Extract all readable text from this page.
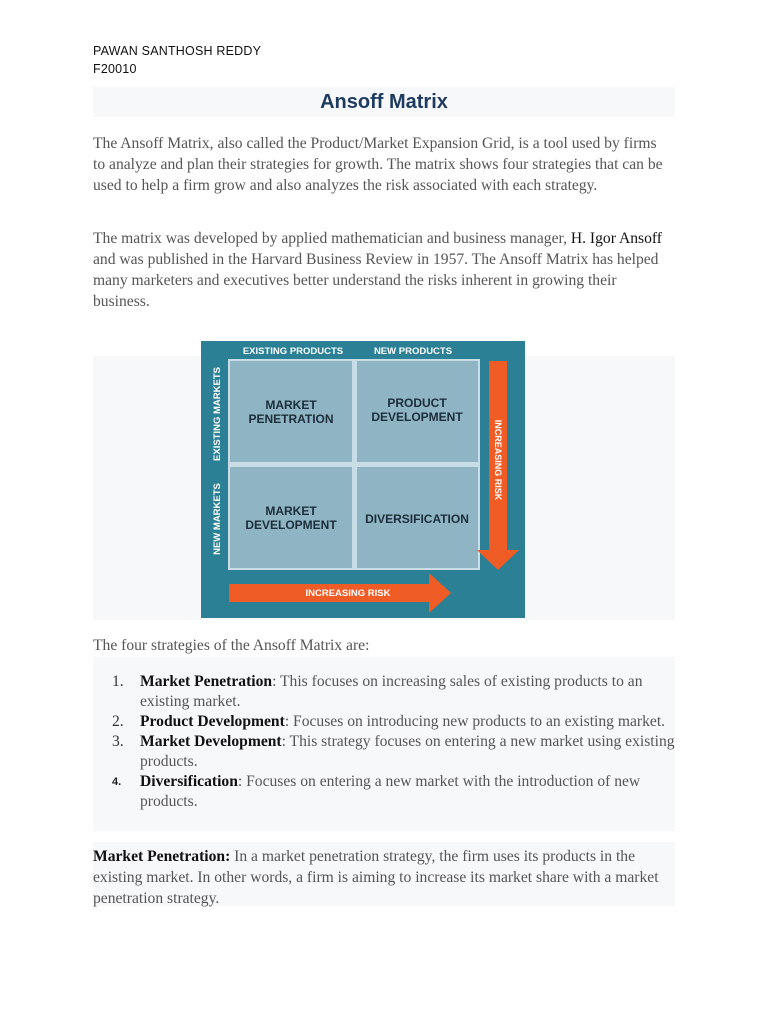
PAWAN SANTHOSH REDDY
F20010
Ansoff Matrix

The Ansoff Matrix, also called the Product/Market Expansion Grid, is a tool used by firms to analyze and plan their strategies for growth. The matrix shows four strategies that can be used to help a firm grow and also analyzes the risk associated with each strategy.

The matrix was developed by applied mathematician and business manager, H. Igor Ansoff and was published in the Harvard Business Review in 1957. The Ansoff Matrix has helped many marketers and executives better understand the risks inherent in growing their business.

EXISTING PRODUCTS	NEW PRODUCTS
EXISTING MARKETS
NEW MARKETS
MARKET
PENETRATION
PRODUCT
DEVELOPMENT
MARKET
DEVELOPMENT DIVERSIFICATION
INCREASING RISK
INCREASING RISK
The four strategies of the Ansoff Matrix are:
1. Market Penetration: This focuses on increasing sales of existing products to an existing market.
2. Product Development: Focuses on introducing new products to an existing market.
3. Market Development: This strategy focuses on entering a new market using existing products.
4. Diversification: Focuses on entering a new market with the introduction of new products.

Market Penetration: In a market penetration strategy, the firm uses its products in the existing market. In other words, a firm is aiming to increase its market share with a market penetration strategy.
